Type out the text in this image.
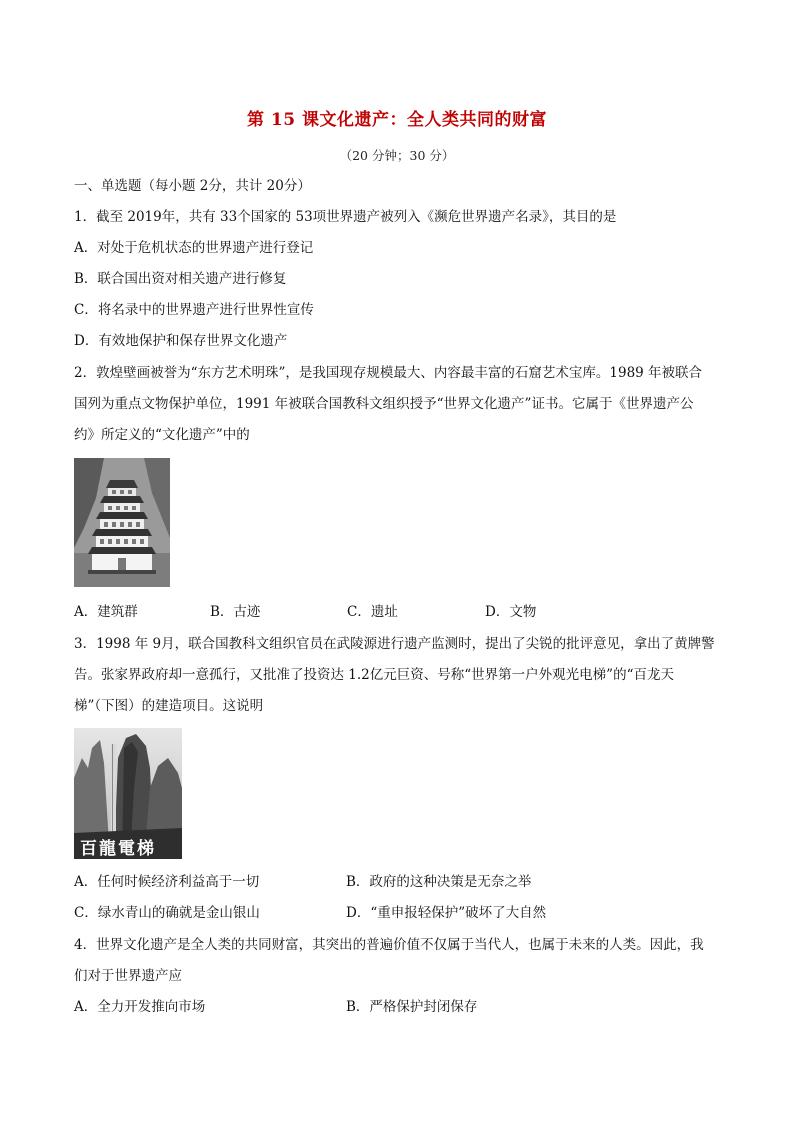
第 15 课文化遗产：全人类共同的财富
（20 分钟；30 分）
一、单选题（每小题 2分，共计 20分）
1．截至 2019年，共有 33个国家的 53项世界遗产被列入《濒危世界遗产名录》，其目的是
A．对处于危机状态的世界遗产进行登记
B．联合国出资对相关遗产进行修复
C．将名录中的世界遗产进行世界性宣传
D．有效地保护和保存世界文化遗产
2．敦煌壁画被誉为“东方艺术明珠”，是我国现存规模最大、内容最丰富的石窟艺术宝库。1989 年被联合
国列为重点文物保护单位，1991 年被联合国教科文组织授予“世界文化遗产”证书。它属于《世界遗产公
约》所定义的“文化遗产”中的
A．建筑群	B．古迹	C．遗址	D．文物
3．1998 年 9月，联合国教科文组织官员在武陵源进行遗产监测时，提出了尖锐的批评意见，拿出了黄牌警
告。张家界政府却一意孤行，又批准了投资达 1.2亿元巨资、号称“世界第一户外观光电梯”的“百龙天
梯”（下图）的建造项目。这说明
百龍電梯
A．任何时候经济利益高于一切	B．政府的这种决策是无奈之举
C．绿水青山的确就是金山银山	D．“重申报轻保护”破坏了大自然
4．世界文化遗产是全人类的共同财富，其突出的普遍价值不仅属于当代人，也属于未来的人类。因此，我
们对于世界遗产应
A．全力开发推向市场	B．严格保护封闭保存
